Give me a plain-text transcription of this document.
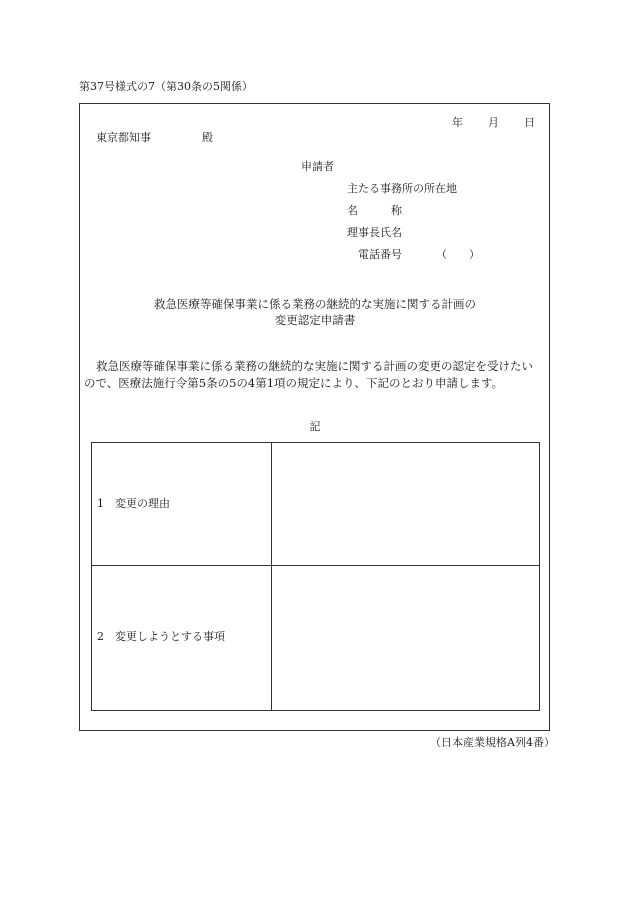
第37号様式の7（第30条の5関係）
年 月 日
東京都知事	殿
申請者
主たる事務所の所在地
名　　　称
理事長氏名
電話番号	（　　）
救急医療等確保事業に係る業務の継続的な実施に関する計画の
変更認定申請書
救急医療等確保事業に係る業務の継続的な実施に関する計画の変更の認定を受けたい
ので、医療法施行令第5条の5の4第1項の規定により、下記のとおり申請します。
記
1　変更の理由
2　変更しようとする事項
（日本産業規格A列4番）
